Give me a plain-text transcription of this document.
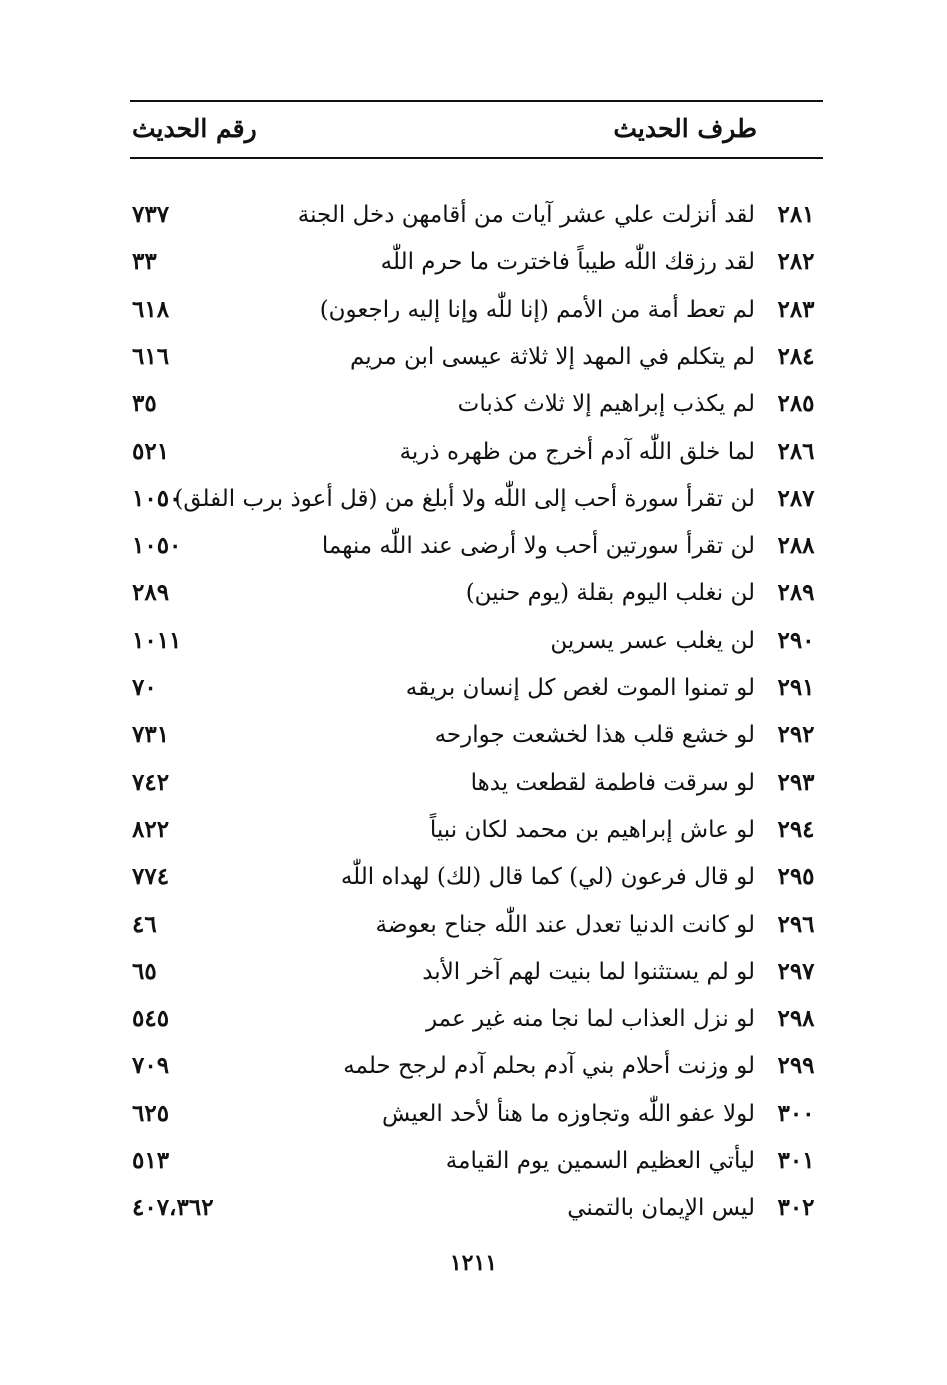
طرف الحديث
رقم الحديث
٢٨١
لقد أنزلت علي عشر آيات من أقامهن دخل الجنة
٧٣٧
٢٨٢
لقد رزقك اللّٰه طيباً فاخترت ما حرم اللّٰه
٣٣
٢٨٣
لم تعط أمة من الأمم (إنا للّٰه وإنا إليه راجعون)
٦١٨
٢٨٤
لم يتكلم في المهد إلا ثلاثة عيسى ابن مريم
٦١٦
٢٨٥
لم يكذب إبراهيم إلا ثلاث كذبات
٣٥
٢٨٦
لما خلق اللّٰه آدم أخرج من ظهره ذرية
٥٢١
٢٨٧
لن تقرأ سورة أحب إلى اللّٰه ولا أبلغ من (قل أعوذ برب الفلق)
١٠٥٠
٢٨٨
لن تقرأ سورتين أحب ولا أرضى عند اللّٰه منهما
١٠٥٠
٢٨٩
لن نغلب اليوم بقلة (يوم حنين)
٢٨٩
٢٩٠
لن يغلب عسر يسرين
١٠١١
٢٩١
لو تمنوا الموت لغص كل إنسان بريقه
٧٠
٢٩٢
لو خشع قلب هذا لخشعت جوارحه
٧٣١
٢٩٣
لو سرقت فاطمة لقطعت يدها
٧٤٢
٢٩٤
لو عاش إبراهيم بن محمد لكان نبياً
٨٢٢
٢٩٥
لو قال فرعون (لي) كما قال (لك) لهداه اللّٰه
٧٧٤
٢٩٦
لو كانت الدنيا تعدل عند اللّٰه جناح بعوضة
٤٦
٢٩٧
لو لم يستثنوا لما بنيت لهم آخر الأبد
٦٥
٢٩٨
لو نزل العذاب لما نجا منه غير عمر
٥٤٥
٢٩٩
لو وزنت أحلام بني آدم بحلم آدم لرجح حلمه
٧٠٩
٣٠٠
لولا عفو اللّٰه وتجاوزه ما هنأ لأحد العيش
٦٢٥
٣٠١
ليأتي العظيم السمين يوم القيامة
٥١٣
٣٠٢
ليس الإيمان بالتمني
٤٠٧،٣٦٢
١٢١١
